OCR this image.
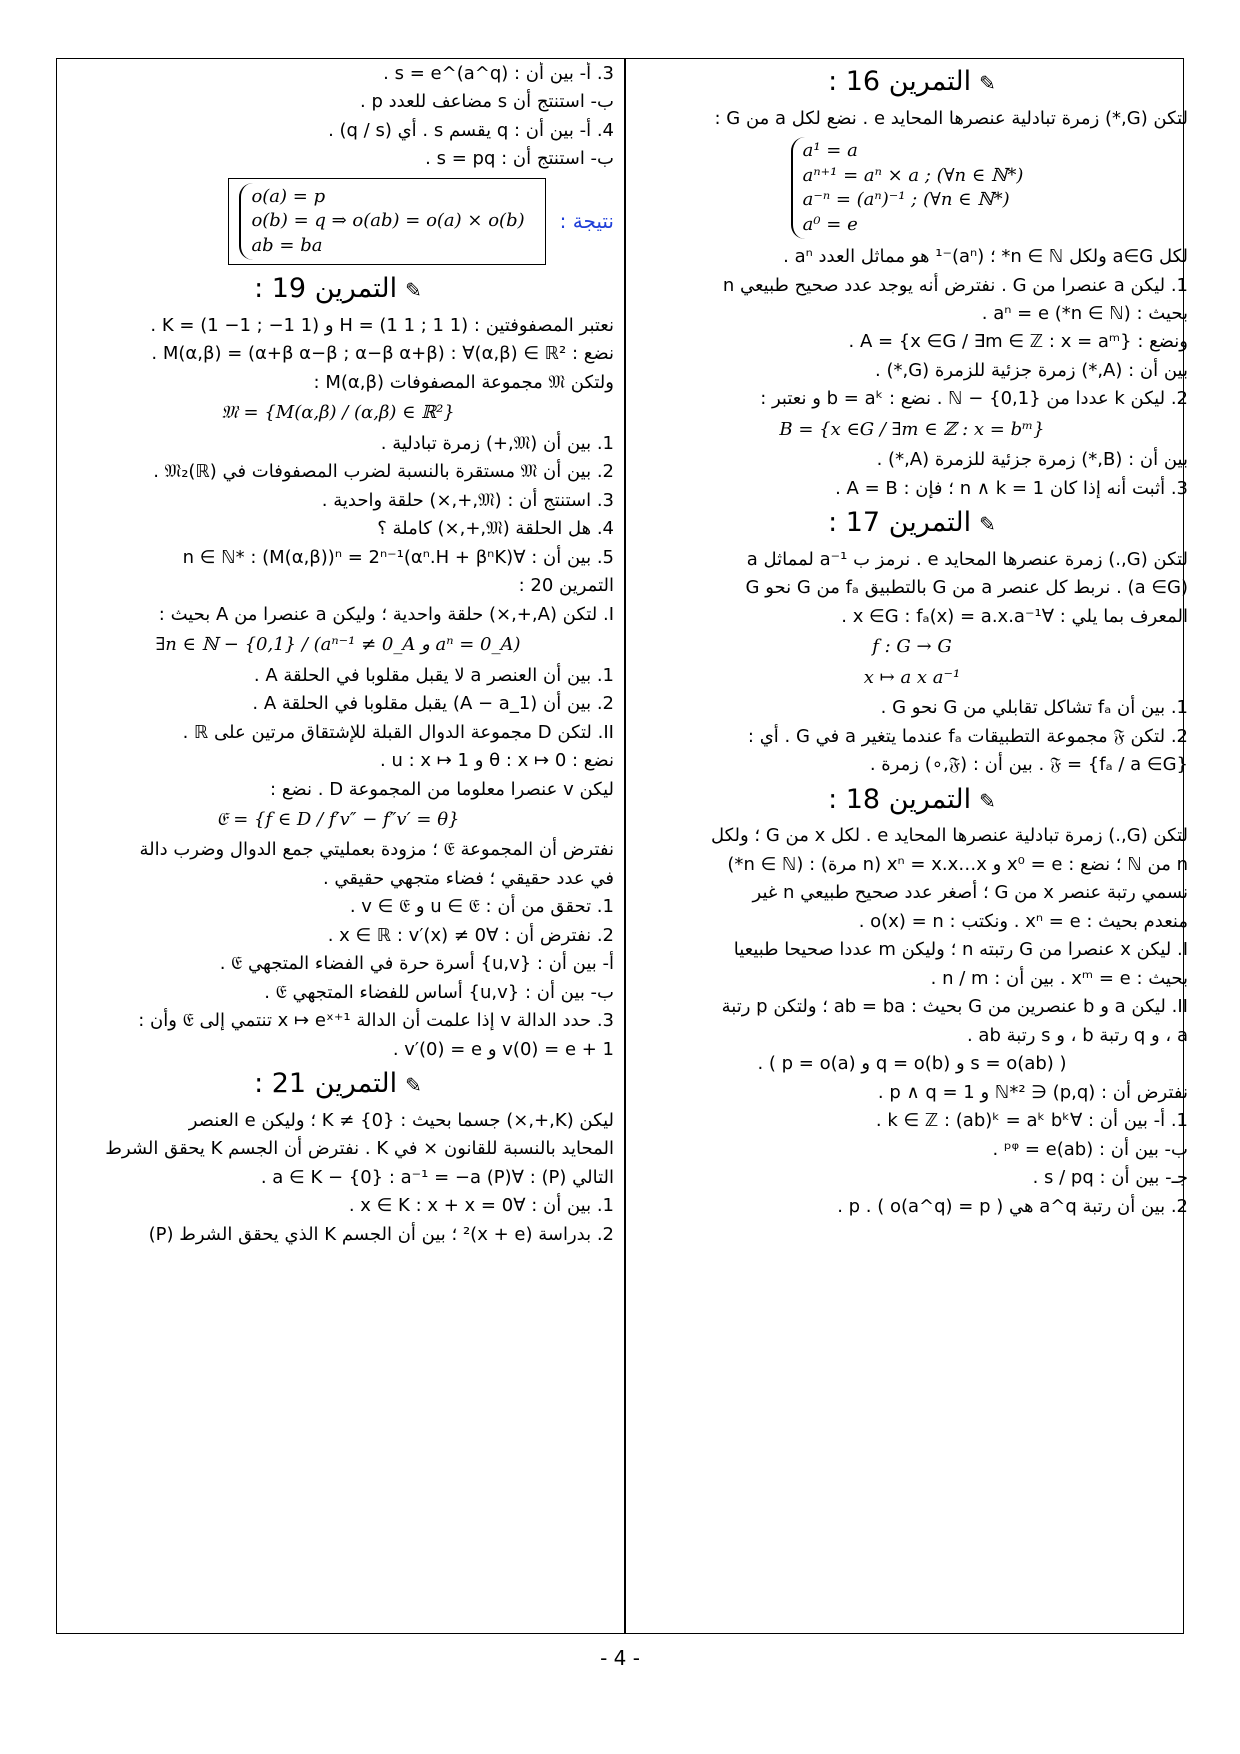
✎التمرين 16 :

لتكن (G,*) زمرة تبادلية عنصرها المحايد e . نضع لكل a من G :

a¹ = a
aⁿ⁺¹ = aⁿ × a ; (∀n ∈ ℕ*)
a⁻ⁿ = (aⁿ)⁻¹ ; (∀n ∈ ℕ*)
a⁰ = e

لكل a∈G ولكل n ∈ ℕ* ؛ (aⁿ)⁻¹ هو مماثل العدد aⁿ .

1. ليكن a عنصرا من G . نفترض أنه يوجد عدد صحيح طبيعي n

بحيث : (n ∈ ℕ*) aⁿ = e .

ونضع : A = {x ∈G / ∃m ∈ ℤ : x = aᵐ} .

بين أن : (A,*) زمرة جزئية للزمرة (G,*) .

2. ليكن k عددا من ℕ − {0,1} . نضع : b = aᵏ و نعتبر :

B = {x ∈G / ∃m ∈ ℤ : x = bᵐ}

بين أن : (B,*) زمرة جزئية للزمرة (A,*) .

3. أثبت أنه إذا كان n ∧ k = 1 ؛ فإن : A = B .

✎التمرين 17 :

لتكن (G,.) زمرة عنصرها المحايد e . نرمز ب a⁻¹ لمماثل a

(a ∈G) . نربط كل عنصر a من G بالتطبيق fₐ من G نحو G

المعرف بما يلي : ∀x ∈G : fₐ(x) = a.x.a⁻¹ .

f : G → G
x ↦ a x a⁻¹

1. بين أن fₐ تشاكل تقابلي من G نحو G .

2. لتكن 𝔉 مجموعة التطبيقات fₐ عندما يتغير a في G . أي :

𝔉 = {fₐ / a ∈G} . بين أن : (𝔉,∘) زمرة .

✎التمرين 18 :

لتكن (G,.) زمرة تبادلية عنصرها المحايد e . لكل x من G ؛ ولكل

n من ℕ ؛ نضع : x⁰ = e و xⁿ = x.x…x (n مرة) : (n ∈ ℕ*)

نسمي رتبة عنصر x من G ؛ أصغر عدد صحيح طبيعي n غير

منعدم بحيث : xⁿ = e . ونكتب : o(x) = n .

I. ليكن x عنصرا من G رتبته n ؛ وليكن m عددا صحيحا طبيعيا

بحيث : xᵐ = e . بين أن : n / m .

II. ليكن a و b عنصرين من G بحيث : ab = ba ؛ ولتكن p رتبة

a ، و q رتبة b ، و s رتبة ab .

( s = o(ab) و q = o(b) و p = o(a) ) .

نفترض أن : (p,q) ∈ ℕ*² و p ∧ q = 1 .

1. أ- بين أن : ∀k ∈ ℤ : (ab)ᵏ = aᵏ bᵏ .

ب- بين أن : (ab)ᵖᵠ = e .

جـ- بين أن : s / pq .

2. بين أن رتبة a^q هي p . ( o(a^q) = p ) .

3. أ- بين أن : (a^q)^s = e .

ب- استنتج أن s مضاعف للعدد p .

4. أ- بين أن : q يقسم s . أي (q / s) .

ب- استنتج أن : s = pq .

نتيجة :
o(a) = p
o(b) = q ⇒ o(ab) = o(a) × o(b)
ab = ba
✎التمرين 19 :

نعتبر المصفوفتين : H = (1 1 ; 1 1) و K = (1 −1 ; −1 1) .

نضع : M(α,β) = (α+β α−β ; α−β α+β) : ∀(α,β) ∈ ℝ² .

ولتكن 𝔐 مجموعة المصفوفات M(α,β) :

𝔐 = {M(α,β) / (α,β) ∈ ℝ²}

1. بين أن (𝔐,+) زمرة تبادلية .

2. بين أن 𝔐 مستقرة بالنسبة لضرب المصفوفات في 𝔐₂(ℝ) .

3. استنتج أن : (𝔐,+,×) حلقة واحدية .

4. هل الحلقة (𝔐,+,×) كاملة ؟

5. بين أن : ∀n ∈ ℕ* : (M(α,β))ⁿ = 2ⁿ⁻¹(αⁿ.H + βⁿK)

التمرين 20 :

I. لتكن (A,+,×) حلقة واحدية ؛ وليكن a عنصرا من A بحيث :

∃n ∈ ℕ − {0,1} / (aⁿ⁻¹ ≠ 0_A و aⁿ = 0_A)

1. بين أن العنصر a لا يقبل مقلوبا في الحلقة A .

2. بين أن (1_A − a) يقبل مقلوبا في الحلقة A .

II. لتكن D مجموعة الدوال القبلة للإشتقاق مرتين على ℝ .

نضع : θ : x ↦ 0 و u : x ↦ 1 .

ليكن v عنصرا معلوما من المجموعة D . نضع :

𝔈 = {f ∈ D / f′v″ − f″v′ = θ}

نفترض أن المجموعة 𝔈 ؛ مزودة بعمليتي جمع الدوال وضرب دالة

في عدد حقيقي ؛ فضاء متجهي حقيقي .

1. تحقق من أن : u ∈ 𝔈 و v ∈ 𝔈 .

2. نفترض أن : ∀x ∈ ℝ : v′(x) ≠ 0 .

أ- بين أن : {u,v} أسرة حرة في الفضاء المتجهي 𝔈 .

ب- بين أن : {u,v} أساس للفضاء المتجهي 𝔈 .

3. حدد الدالة v إذا علمت أن الدالة x ↦ eˣ⁺¹ تنتمي إلى 𝔈 وأن :

v(0) = e + 1 و v′(0) = e .

✎التمرين 21 :

ليكن (K,+,×) جسما بحيث : K ≠ {0} ؛ وليكن e العنصر

المحايد بالنسبة للقانون × في K . نفترض أن الجسم K يحقق الشرط

التالي (P) : ∀a ∈ K − {0} : a⁻¹ = −a (P) .

1. بين أن : ∀x ∈ K : x + x = 0 .

2. بدراسة (x + e)² ؛ بين أن الجسم K الذي يحقق الشرط (P)

- 4 -
